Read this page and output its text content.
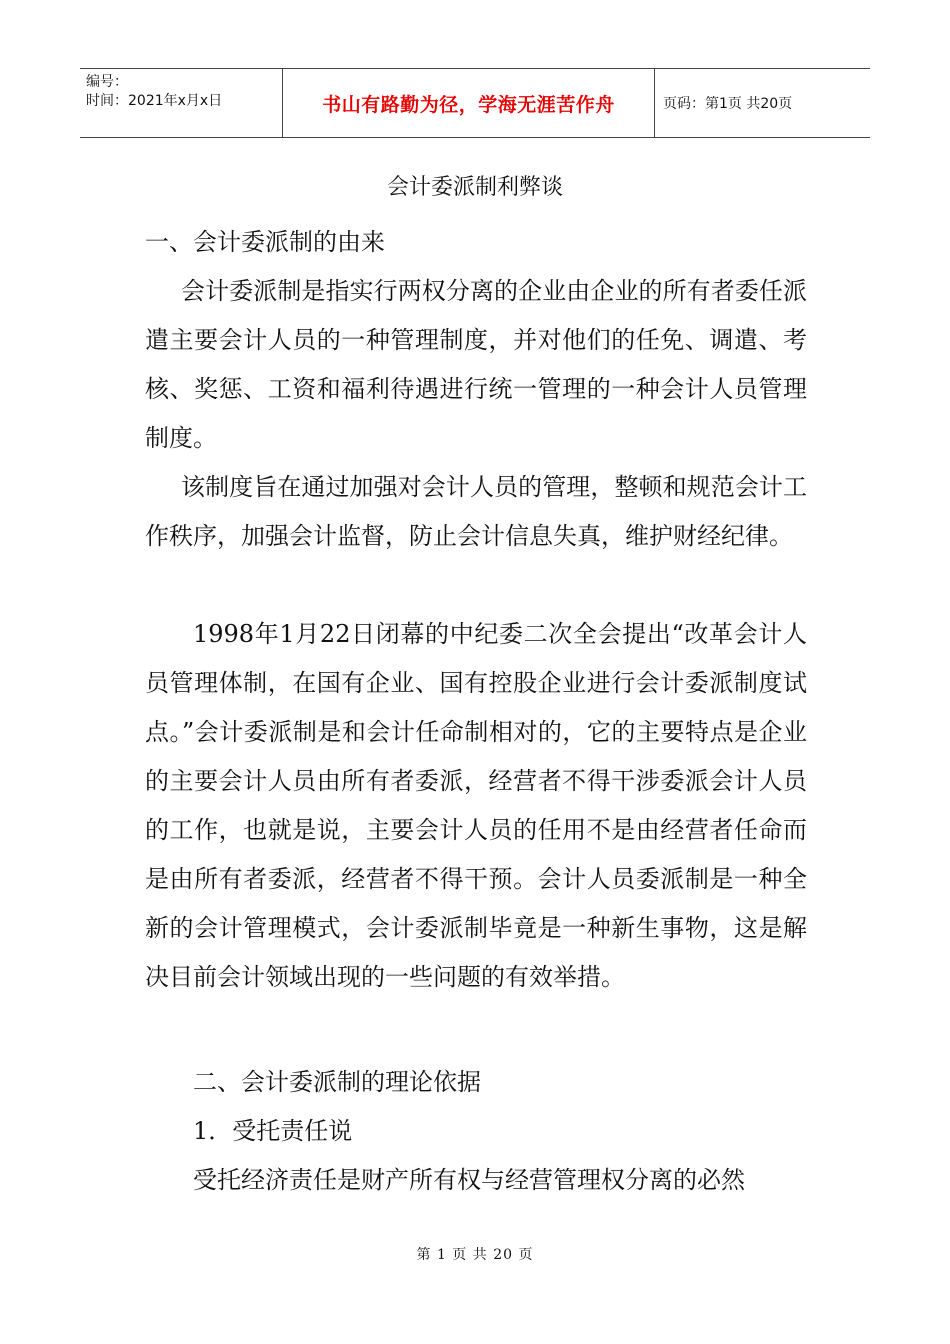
编号：
时间：2021年x月x日	书山有路勤为径，学海无涯苦作舟	页码：第1页 共20页
会计委派制利弊谈

一、会计委派制的由来

会计委派制是指实行两权分离的企业由企业的所有者委任派遣主要会计人员的一种管理制度，并对他们的任免、调遣、考核、奖惩、工资和福利待遇进行统一管理的一种会计人员管理制度。

该制度旨在通过加强对会计人员的管理，整顿和规范会计工作秩序，加强会计监督，防止会计信息失真，维护财经纪律。

1998年1月22日闭幕的中纪委二次全会提出“改革会计人员管理体制，在国有企业、国有控股企业进行会计委派制度试点。”会计委派制是和会计任命制相对的，它的主要特点是企业的主要会计人员由所有者委派，经营者不得干涉委派会计人员的工作，也就是说，主要会计人员的任用不是由经营者任命而是由所有者委派，经营者不得干预。会计人员委派制是一种全新的会计管理模式，会计委派制毕竟是一种新生事物，这是解决目前会计领域出现的一些问题的有效举措。

二、会计委派制的理论依据

1．受托责任说

受托经济责任是财产所有权与经营管理权分离的必然

第 1 页 共 20 页
